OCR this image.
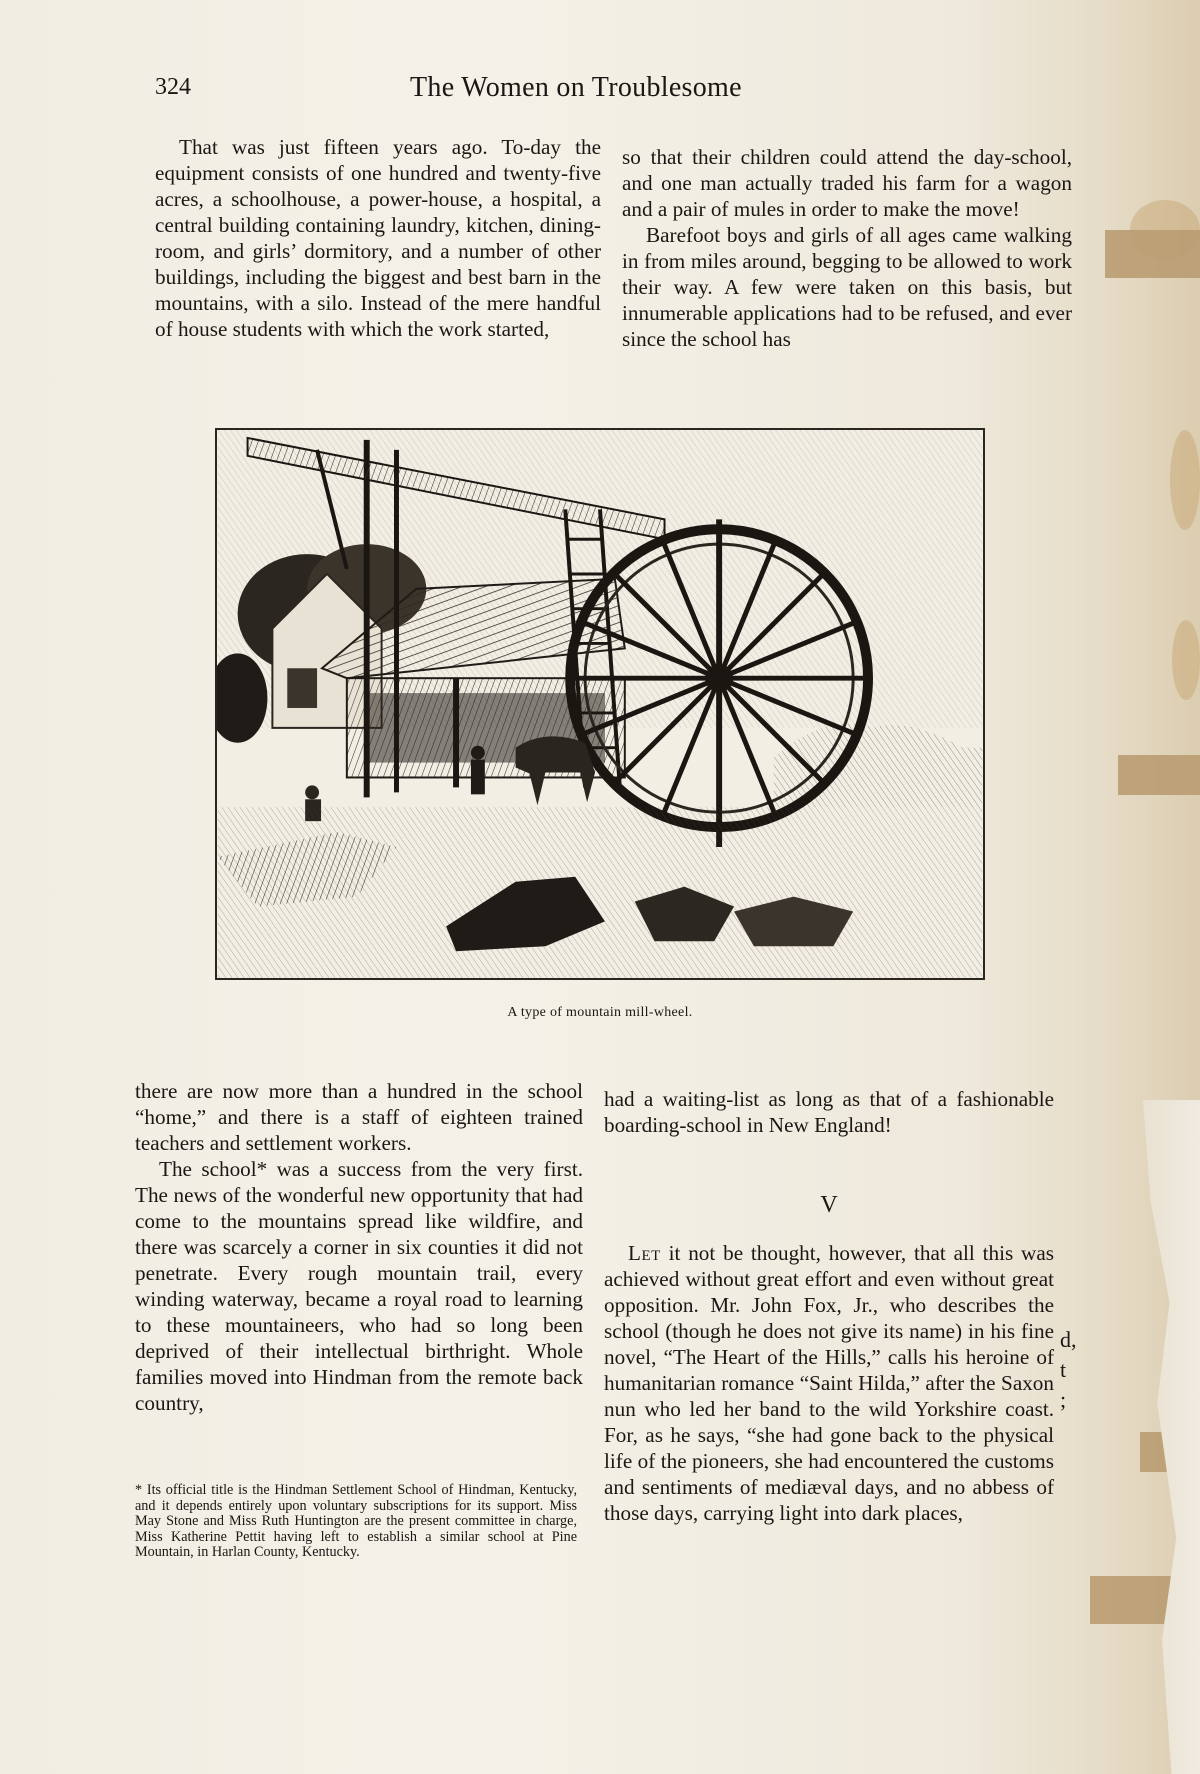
324	The Women on Troublesome

That was just fifteen years ago. To-day the equipment consists of one hundred and twenty-five acres, a schoolhouse, a power-house, a hospital, a central building containing laundry, kitchen, dining-room, and girls’ dormitory, and a number of other buildings, including the biggest and best barn in the mountains, with a silo. Instead of the mere handful of house students with which the work started,

so that their children could attend the day-school, and one man actually traded his farm for a wagon and a pair of mules in order to make the move!

Barefoot boys and girls of all ages came walking in from miles around, begging to be allowed to work their way. A few were taken on this basis, but innumerable applications had to be refused, and ever since the school has

A type of mountain mill-wheel.

there are now more than a hundred in the school “home,” and there is a staff of eighteen trained teachers and settlement workers.

The school* was a success from the very first. The news of the wonderful new opportunity that had come to the mountains spread like wildfire, and there was scarcely a corner in six counties it did not penetrate. Every rough mountain trail, every winding waterway, became a royal road to learning to these mountaineers, who had so long been deprived of their intellectual birthright. Whole families moved into Hindman from the remote back country,

had a waiting-list as long as that of a fashionable boarding-school in New England!

V

Let it not be thought, however, that all this was achieved without great effort and even without great opposition. Mr. John Fox, Jr., who describes the school (though he does not give its name) in his fine novel, “The Heart of the Hills,” calls his heroine of humanitarian romance “Saint Hilda,” after the Saxon nun who led her band to the wild Yorkshire coast. For, as he says, “she had gone back to the physical life of the pioneers, she had encountered the customs and sentiments of mediæval days, and no abbess of those days, carrying light into dark places,

* Its official title is the Hindman Settlement School of Hindman, Kentucky, and it depends entirely upon voluntary subscriptions for its support. Miss May Stone and Miss Ruth Huntington are the present committee in charge, Miss Katherine Pettit having left to establish a similar school at Pine Mountain, in Harlan County, Kentucky.
d,
t
;
